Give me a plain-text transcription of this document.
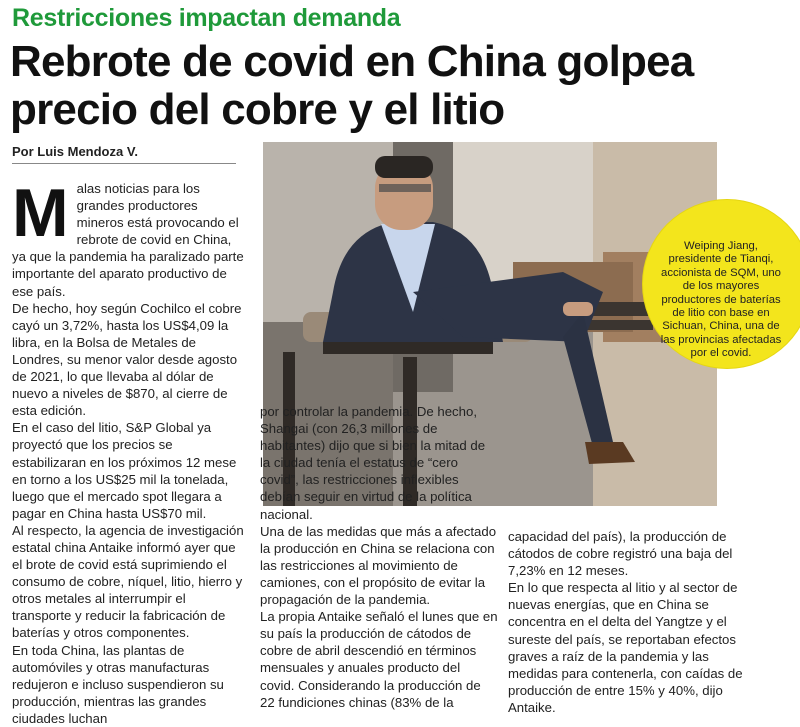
Restricciones impactan demanda
Rebrote de covid en China golpea precio del cobre y el litio
Por Luis Mendoza V.
Weiping Jiang, presidente de Tianqi, accionista de SQM, uno de los mayores productores de baterías de litio con base en Sichuan, China, una de las provincias afectadas por el covid.
M alas noticias para los grandes productores mineros está provocando el rebrote de covid en China, ya que la pandemia ha paralizado parte importante del aparato productivo de ese país.

De hecho, hoy según Cochilco el cobre cayó un 3,72%, hasta los US$4,09 la libra, en la Bolsa de Metales de Londres, su menor valor desde agosto de 2021, lo que llevaba al dólar de nuevo a niveles de $870, al cierre de esta edición.

En el caso del litio, S&P Global ya proyectó que los precios se estabilizaran en los próximos 12 mese en torno a los US$25 mil la tonelada, luego que el mercado spot llegara a pagar en China hasta US$70 mil.

Al respecto, la agencia de investigación estatal china Antaike informó ayer que el brote de covid está suprimiendo el consumo de cobre, níquel, litio, hierro y otros metales al interrumpir el transporte y reducir la fabricación de baterías y otros componentes.

En toda China, las plantas de automóviles y otras manufacturas redujeron e incluso suspendieron su producción, mientras las grandes ciudades luchan

por controlar la pandemia. De hecho, Shangai (con 26,3 millones de habitantes) dijo que si bien la mitad de la ciudad tenía el estatus de “cero covid”, las restricciones inflexibles debían seguir en virtud de la política nacional.

Una de las medidas que más a afectado la producción en China se relaciona con las restricciones al movimiento de camiones, con el propósito de evitar la propagación de la pandemia.

La propia Antaike señaló el lunes que en su país la producción de cátodos de cobre de abril descendió en términos mensuales y anuales producto del covid. Considerando la producción de 22 fundiciones chinas (83% de la

capacidad del país), la producción de cátodos de cobre registró una baja del 7,23% en 12 meses.

En lo que respecta al litio y al sector de nuevas energías, que en China se concentra en el delta del Yangtze y el sureste del país, se reportaban efectos graves a raíz de la pandemia y las medidas para contenerla, con caídas de producción de entre 15% y 40%, dijo Antaike.
